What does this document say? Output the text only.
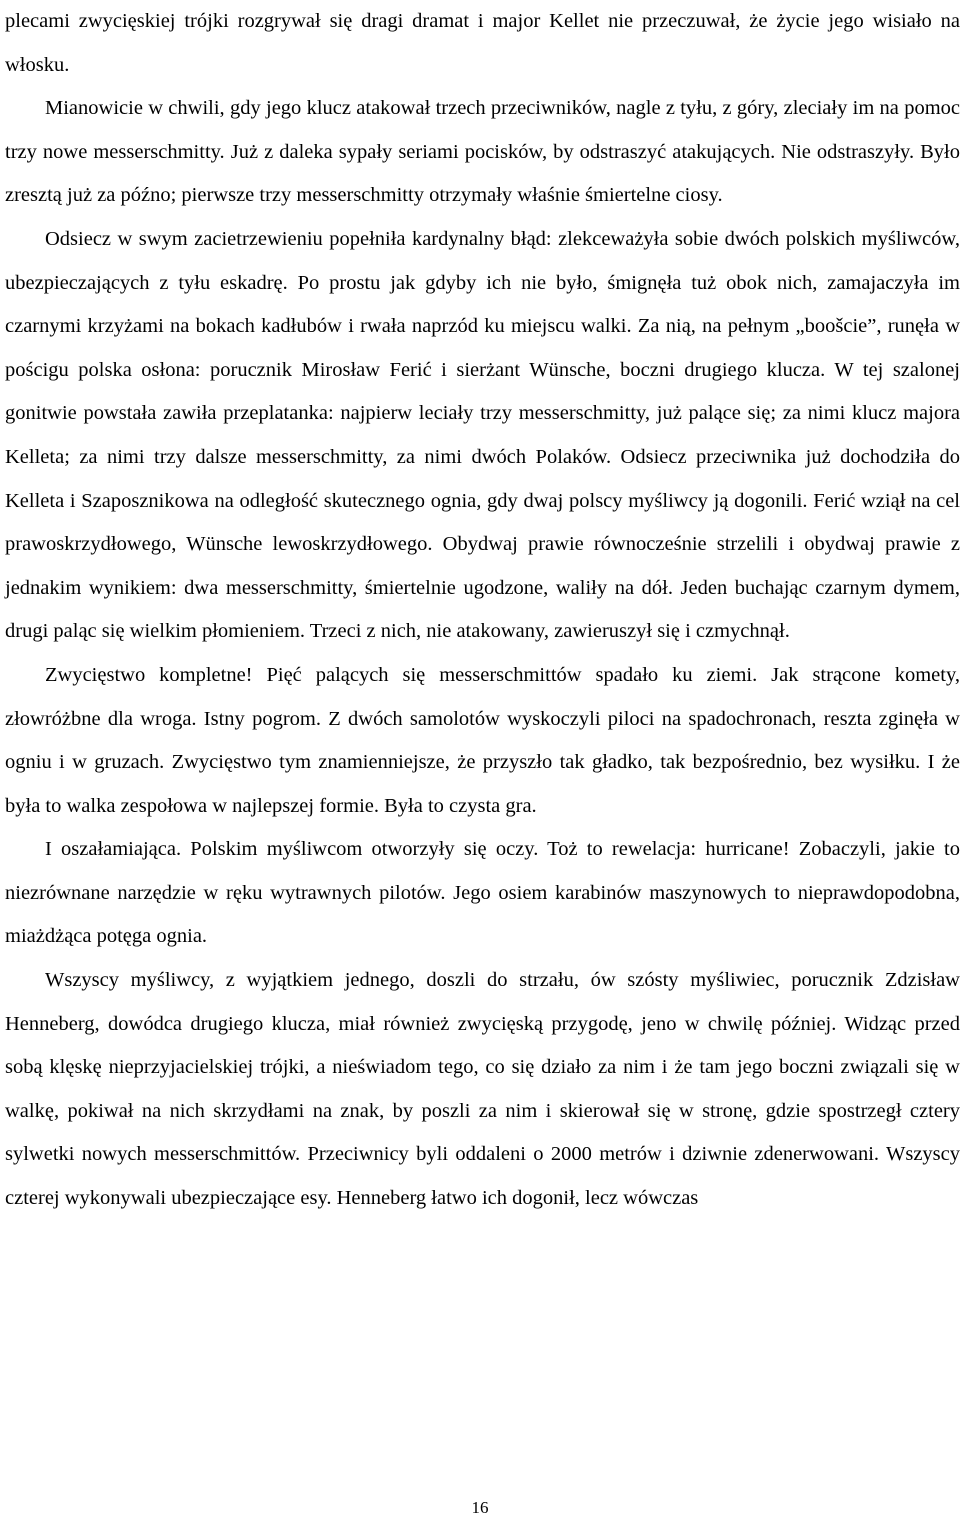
plecami zwycięskiej trójki rozgrywał się dragi dramat i major Kellet nie przeczuwał, że życie jego wisiało na włosku.

Mianowicie w chwili, gdy jego klucz atakował trzech przeciwników, nagle z tyłu, z góry, zleciały im na pomoc trzy nowe messerschmitty. Już z daleka sypały seriami pocisków, by odstraszyć atakujących. Nie odstraszyły. Było zresztą już za późno; pierwsze trzy messerschmitty otrzymały właśnie śmiertelne ciosy.

Odsiecz w swym zacietrzewieniu popełniła kardynalny błąd: zlekceważyła sobie dwóch polskich myśliwców, ubezpieczających z tyłu eskadrę. Po prostu jak gdyby ich nie było, śmignęła tuż obok nich, zamajaczyła im czarnymi krzyżami na bokach kadłubów i rwała naprzód ku miejscu walki. Za nią, na pełnym „boošcie”, runęła w pościgu polska osłona: porucznik Mirosław Ferić i sierżant Wünsche, boczni drugiego klucza. W tej szalonej gonitwie powstała zawiła przeplatanka: najpierw leciały trzy messerschmitty, już palące się; za nimi klucz majora Kelleta; za nimi trzy dalsze messerschmitty, za nimi dwóch Polaków. Odsiecz przeciwnika już dochodziła do Kelleta i Szaposznikowa na odległość skutecznego ognia, gdy dwaj polscy myśliwcy ją dogonili. Ferić wziął na cel prawoskrzydłowego, Wünsche lewoskrzydłowego. Obydwaj prawie równocześnie strzelili i obydwaj prawie z jednakim wynikiem: dwa messerschmitty, śmiertelnie ugodzone, waliły na dół. Jeden buchając czarnym dymem, drugi paląc się wielkim płomieniem. Trzeci z nich, nie atakowany, zawieruszył się i czmychnął.

Zwycięstwo kompletne! Pięć palących się messerschmittów spadało ku ziemi. Jak strącone komety, złowróżbne dla wroga. Istny pogrom. Z dwóch samolotów wyskoczyli piloci na spadochronach, reszta zginęła w ogniu i w gruzach. Zwycięstwo tym znamienniejsze, że przyszło tak gładko, tak bezpośrednio, bez wysiłku. I że była to walka zespołowa w najlepszej formie. Była to czysta gra.

I oszałamiająca. Polskim myśliwcom otworzyły się oczy. Toż to rewelacja: hurricane! Zobaczyli, jakie to niezrównane narzędzie w ręku wytrawnych pilotów. Jego osiem karabinów maszynowych to nieprawdopodobna, miażdżąca potęga ognia.

Wszyscy myśliwcy, z wyjątkiem jednego, doszli do strzału, ów szósty myśliwiec, porucznik Zdzisław Henneberg, dowódca drugiego klucza, miał również zwycięską przygodę, jeno w chwilę później. Widząc przed sobą klęskę nieprzyjacielskiej trójki, a nieświadom tego, co się działo za nim i że tam jego boczni związali się w walkę, pokiwał na nich skrzydłami na znak, by poszli za nim i skierował się w stronę, gdzie spostrzegł cztery sylwetki nowych messerschmittów. Przeciwnicy byli oddaleni o 2000 metrów i dziwnie zdenerwowani. Wszyscy czterej wykonywali ubezpieczające esy. Henneberg łatwo ich dogonił, lecz wówczas

16
